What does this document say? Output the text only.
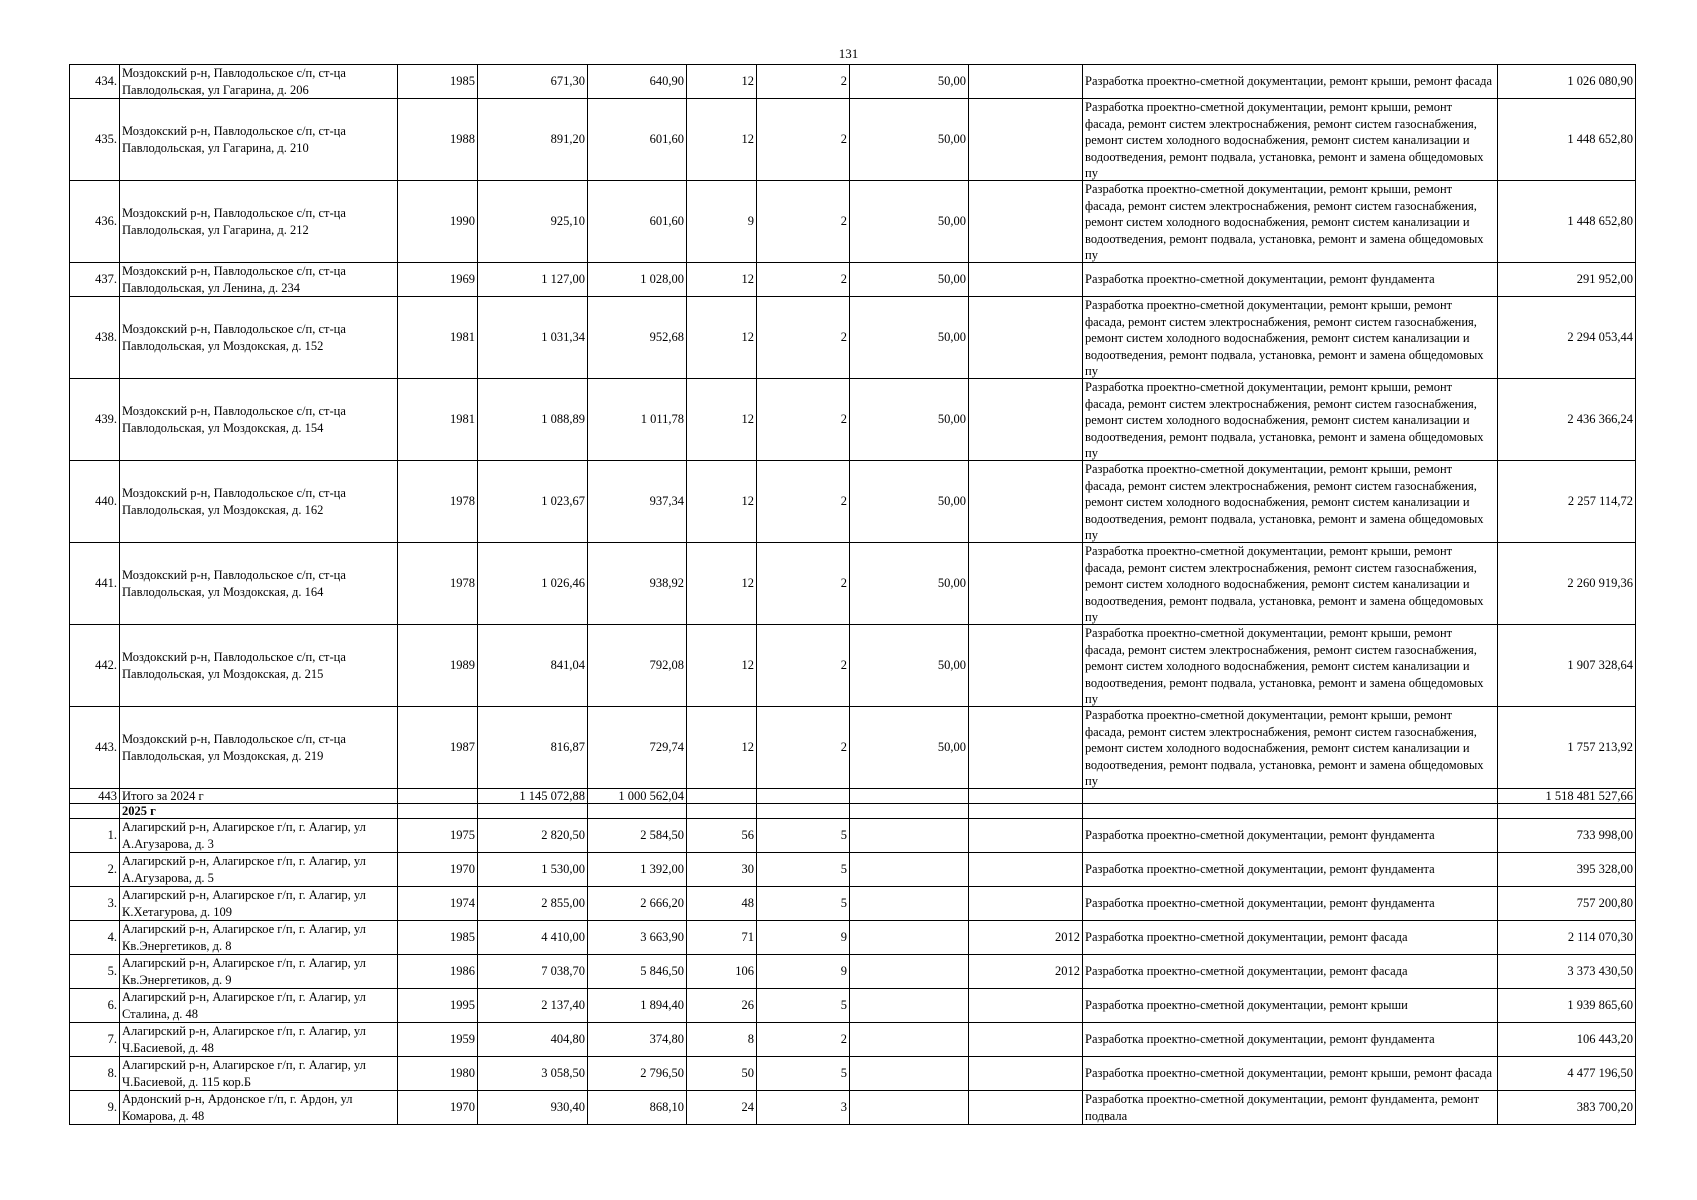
131
434.	Моздокский р-н, Павлодольское с/п, ст-ца Павлодольская, ул Гагарина, д. 206	1985	671,30	640,90	12	2	50,00		Разработка проектно-сметной документации, ремонт крыши, ремонт фасада	1 026 080,90
435.	Моздокский р-н, Павлодольское с/п, ст-ца Павлодольская, ул Гагарина, д. 210	1988	891,20	601,60	12	2	50,00		Разработка проектно-сметной документации, ремонт крыши, ремонт фасада, ремонт систем электроснабжения, ремонт систем газоснабжения, ремонт систем холодного водоснабжения, ремонт систем канализации и водоотведения, ремонт подвала, установка, ремонт и замена общедомовых пу	1 448 652,80
436.	Моздокский р-н, Павлодольское с/п, ст-ца Павлодольская, ул Гагарина, д. 212	1990	925,10	601,60	9	2	50,00		Разработка проектно-сметной документации, ремонт крыши, ремонт фасада, ремонт систем электроснабжения, ремонт систем газоснабжения, ремонт систем холодного водоснабжения, ремонт систем канализации и водоотведения, ремонт подвала, установка, ремонт и замена общедомовых пу	1 448 652,80
437.	Моздокский р-н, Павлодольское с/п, ст-ца Павлодольская, ул Ленина, д. 234	1969	1 127,00	1 028,00	12	2	50,00		Разработка проектно-сметной документации, ремонт фундамента	291 952,00
438.	Моздокский р-н, Павлодольское с/п, ст-ца Павлодольская, ул Моздокская, д. 152	1981	1 031,34	952,68	12	2	50,00		Разработка проектно-сметной документации, ремонт крыши, ремонт фасада, ремонт систем электроснабжения, ремонт систем газоснабжения, ремонт систем холодного водоснабжения, ремонт систем канализации и водоотведения, ремонт подвала, установка, ремонт и замена общедомовых пу	2 294 053,44
439.	Моздокский р-н, Павлодольское с/п, ст-ца Павлодольская, ул Моздокская, д. 154	1981	1 088,89	1 011,78	12	2	50,00		Разработка проектно-сметной документации, ремонт крыши, ремонт фасада, ремонт систем электроснабжения, ремонт систем газоснабжения, ремонт систем холодного водоснабжения, ремонт систем канализации и водоотведения, ремонт подвала, установка, ремонт и замена общедомовых пу	2 436 366,24
440.	Моздокский р-н, Павлодольское с/п, ст-ца Павлодольская, ул Моздокская, д. 162	1978	1 023,67	937,34	12	2	50,00		Разработка проектно-сметной документации, ремонт крыши, ремонт фасада, ремонт систем электроснабжения, ремонт систем газоснабжения, ремонт систем холодного водоснабжения, ремонт систем канализации и водоотведения, ремонт подвала, установка, ремонт и замена общедомовых пу	2 257 114,72
441.	Моздокский р-н, Павлодольское с/п, ст-ца Павлодольская, ул Моздокская, д. 164	1978	1 026,46	938,92	12	2	50,00		Разработка проектно-сметной документации, ремонт крыши, ремонт фасада, ремонт систем электроснабжения, ремонт систем газоснабжения, ремонт систем холодного водоснабжения, ремонт систем канализации и водоотведения, ремонт подвала, установка, ремонт и замена общедомовых пу	2 260 919,36
442.	Моздокский р-н, Павлодольское с/п, ст-ца Павлодольская, ул Моздокская, д. 215	1989	841,04	792,08	12	2	50,00		Разработка проектно-сметной документации, ремонт крыши, ремонт фасада, ремонт систем электроснабжения, ремонт систем газоснабжения, ремонт систем холодного водоснабжения, ремонт систем канализации и водоотведения, ремонт подвала, установка, ремонт и замена общедомовых пу	1 907 328,64
443.	Моздокский р-н, Павлодольское с/п, ст-ца Павлодольская, ул Моздокская, д. 219	1987	816,87	729,74	12	2	50,00		Разработка проектно-сметной документации, ремонт крыши, ремонт фасада, ремонт систем электроснабжения, ремонт систем газоснабжения, ремонт систем холодного водоснабжения, ремонт систем канализации и водоотведения, ремонт подвала, установка, ремонт и замена общедомовых пу	1 757 213,92
443	Итого за 2024 г		1 145 072,88	1 000 562,04						1 518 481 527,66
	2025 г									
1.	Алагирский р-н, Алагирское г/п, г. Алагир, ул А.Агузарова, д. 3	1975	2 820,50	2 584,50	56	5			Разработка проектно-сметной документации, ремонт фундамента	733 998,00
2.	Алагирский р-н, Алагирское г/п, г. Алагир, ул А.Агузарова, д. 5	1970	1 530,00	1 392,00	30	5			Разработка проектно-сметной документации, ремонт фундамента	395 328,00
3.	Алагирский р-н, Алагирское г/п, г. Алагир, ул К.Хетагурова, д. 109	1974	2 855,00	2 666,20	48	5			Разработка проектно-сметной документации, ремонт фундамента	757 200,80
4.	Алагирский р-н, Алагирское г/п, г. Алагир, ул Кв.Энергетиков, д. 8	1985	4 410,00	3 663,90	71	9		2012	Разработка проектно-сметной документации, ремонт фасада	2 114 070,30
5.	Алагирский р-н, Алагирское г/п, г. Алагир, ул Кв.Энергетиков, д. 9	1986	7 038,70	5 846,50	106	9		2012	Разработка проектно-сметной документации, ремонт фасада	3 373 430,50
6.	Алагирский р-н, Алагирское г/п, г. Алагир, ул Сталина, д. 48	1995	2 137,40	1 894,40	26	5			Разработка проектно-сметной документации, ремонт крыши	1 939 865,60
7.	Алагирский р-н, Алагирское г/п, г. Алагир, ул Ч.Басиевой, д. 48	1959	404,80	374,80	8	2			Разработка проектно-сметной документации, ремонт фундамента	106 443,20
8.	Алагирский р-н, Алагирское г/п, г. Алагир, ул Ч.Басиевой, д. 115 кор.Б	1980	3 058,50	2 796,50	50	5			Разработка проектно-сметной документации, ремонт крыши, ремонт фасада	4 477 196,50
9.	Ардонский р-н, Ардонское г/п, г. Ардон, ул Комарова, д. 48	1970	930,40	868,10	24	3			Разработка проектно-сметной документации, ремонт фундамента, ремонт подвала	383 700,20
